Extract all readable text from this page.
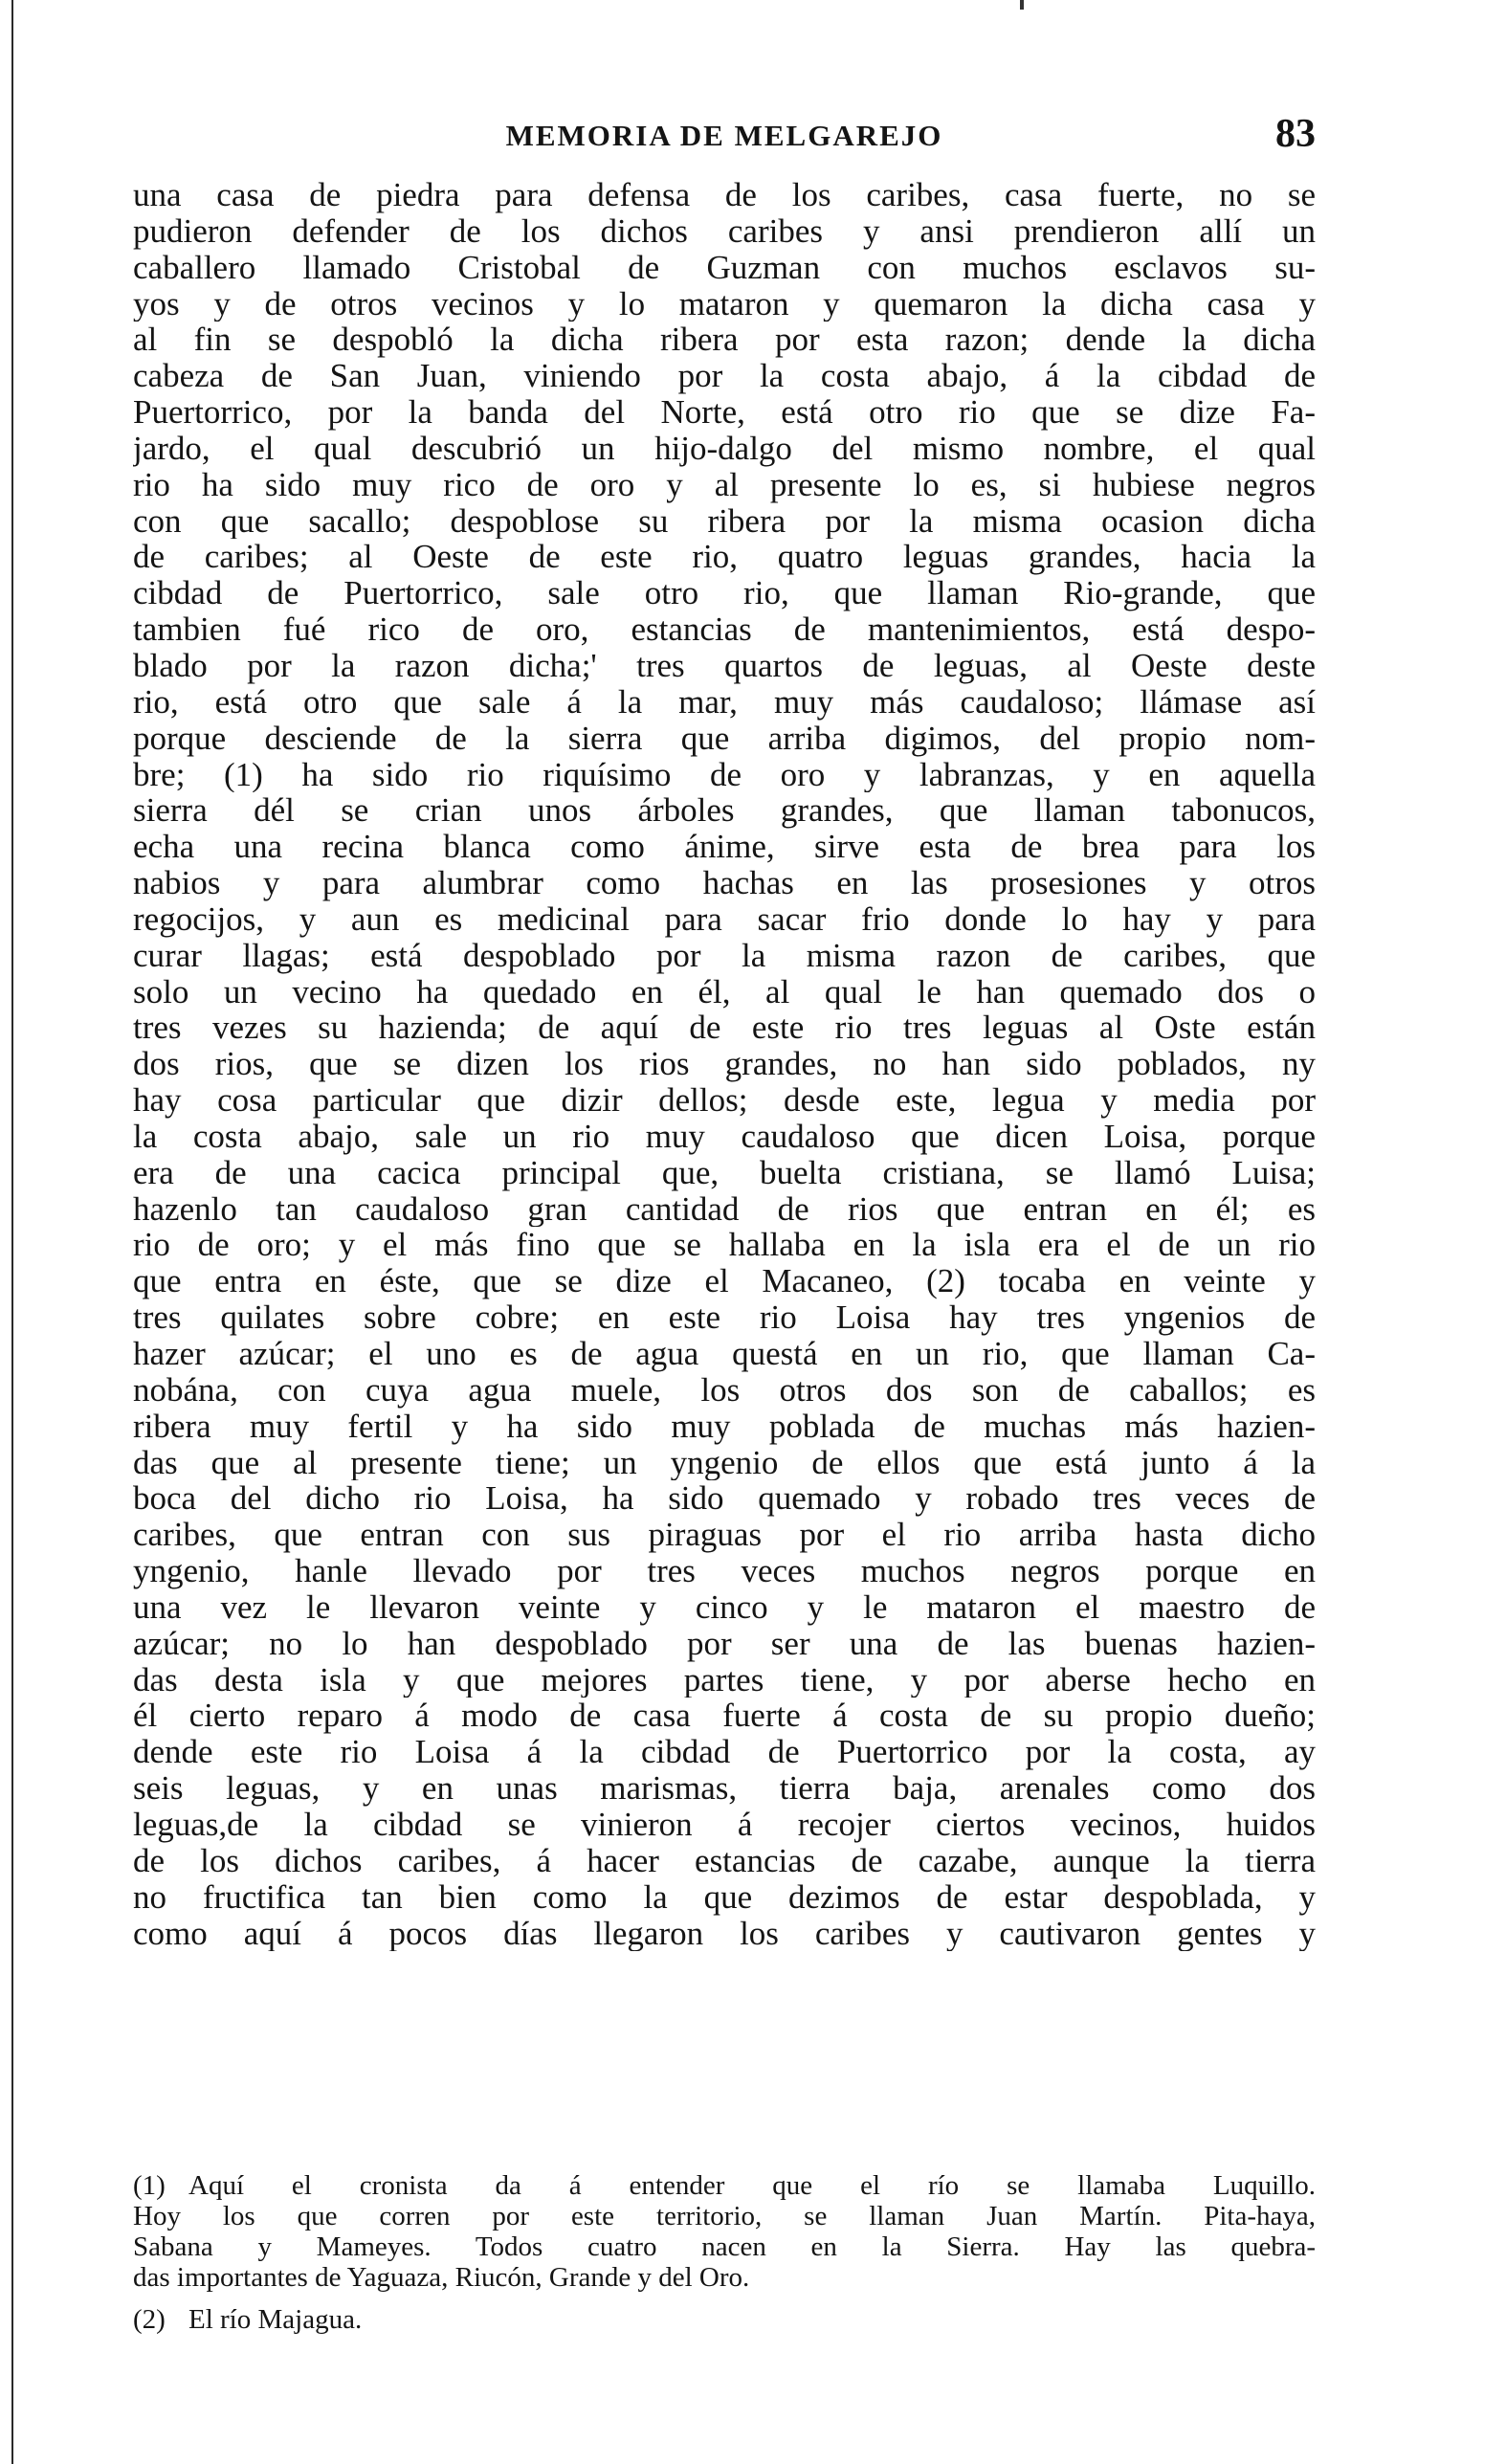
MEMORIA DE MELGAREJO	83
una casa de piedra para defensa de los caribes, casa fuerte, no se
pudieron defender de los dichos caribes y ansi prendieron allí un
caballero llamado Cristobal de Guzman con muchos esclavos su-
yos y de otros vecinos y lo mataron y quemaron la dicha casa y
al fin se despobló la dicha ribera por esta razon; dende la dicha
cabeza de San Juan, viniendo por la costa abajo, á la cibdad de
Puertorrico, por la banda del Norte, está otro rio que se dize Fa-
jardo, el qual descubrió un hijo-dalgo del mismo nombre, el qual
rio ha sido muy rico de oro y al presente lo es, si hubiese negros
con que sacallo; despoblose su ribera por la misma ocasion dicha
de caribes; al Oeste de este rio, quatro leguas grandes, hacia la
cibdad de Puertorrico, sale otro rio, que llaman Rio-grande, que
tambien fué rico de oro, estancias de mantenimientos, está despo-
blado por la razon dicha;' tres quartos de leguas, al Oeste deste
rio, está otro que sale á la mar, muy más caudaloso; llámase así
porque desciende de la sierra que arriba digimos, del propio nom-
bre; (1) ha sido rio riquísimo de oro y labranzas, y en aquella
sierra dél se crian unos árboles grandes, que llaman tabonucos,
echa una recina blanca como ánime, sirve esta de brea para los
nabios y para alumbrar como hachas en las prosesiones y otros
regocijos, y aun es medicinal para sacar frio donde lo hay y para
curar llagas; está despoblado por la misma razon de caribes, que
solo un vecino ha quedado en él, al qual le han quemado dos o
tres vezes su hazienda; de aquí de este rio tres leguas al Oste están
dos rios, que se dizen los rios grandes, no han sido poblados, ny
hay cosa particular que dizir dellos; desde este, legua y media por
la costa abajo, sale un rio muy caudaloso que dicen Loisa, porque
era de una cacica principal que, buelta cristiana, se llamó Luisa;
hazenlo tan caudaloso gran cantidad de rios que entran en él; es
rio de oro; y el más fino que se hallaba en la isla era el de un rio
que entra en éste, que se dize el Macaneo, (2) tocaba en veinte y
tres quilates sobre cobre; en este rio Loisa hay tres yngenios de
hazer azúcar; el uno es de agua questá en un rio, que llaman Ca-
nobána, con cuya agua muele, los otros dos son de caballos; es
ribera muy fertil y ha sido muy poblada de muchas más hazien-
das que al presente tiene; un yngenio de ellos que está junto á la
boca del dicho rio Loisa, ha sido quemado y robado tres veces de
caribes, que entran con sus piraguas por el rio arriba hasta dicho
yngenio, hanle llevado por tres veces muchos negros porque en
una vez le llevaron veinte y cinco y le mataron el maestro de
azúcar; no lo han despoblado por ser una de las buenas hazien-
das desta isla y que mejores partes tiene, y por aberse hecho en
él cierto reparo á modo de casa fuerte á costa de su propio dueño;
dende este rio Loisa á la cibdad de Puertorrico por la costa, ay
seis leguas, y en unas marismas, tierra baja, arenales como dos
leguas,de la cibdad se vinieron á recojer ciertos vecinos, huidos
de los dichos caribes, á hacer estancias de cazabe, aunque la tierra
no fructifica tan bien como la que dezimos de estar despoblada, y
como aquí á pocos días llegaron los caribes y cautivaron gentes y
(1) Aquí el cronista da á entender que el río se llamaba Luquillo.
Hoy los que corren por este territorio, se llaman Juan Martín. Pita-haya,
Sabana y Mameyes. Todos cuatro nacen en la Sierra. Hay las quebra-
das importantes de Yaguaza, Riucón, Grande y del Oro.
(2) El río Majagua.
